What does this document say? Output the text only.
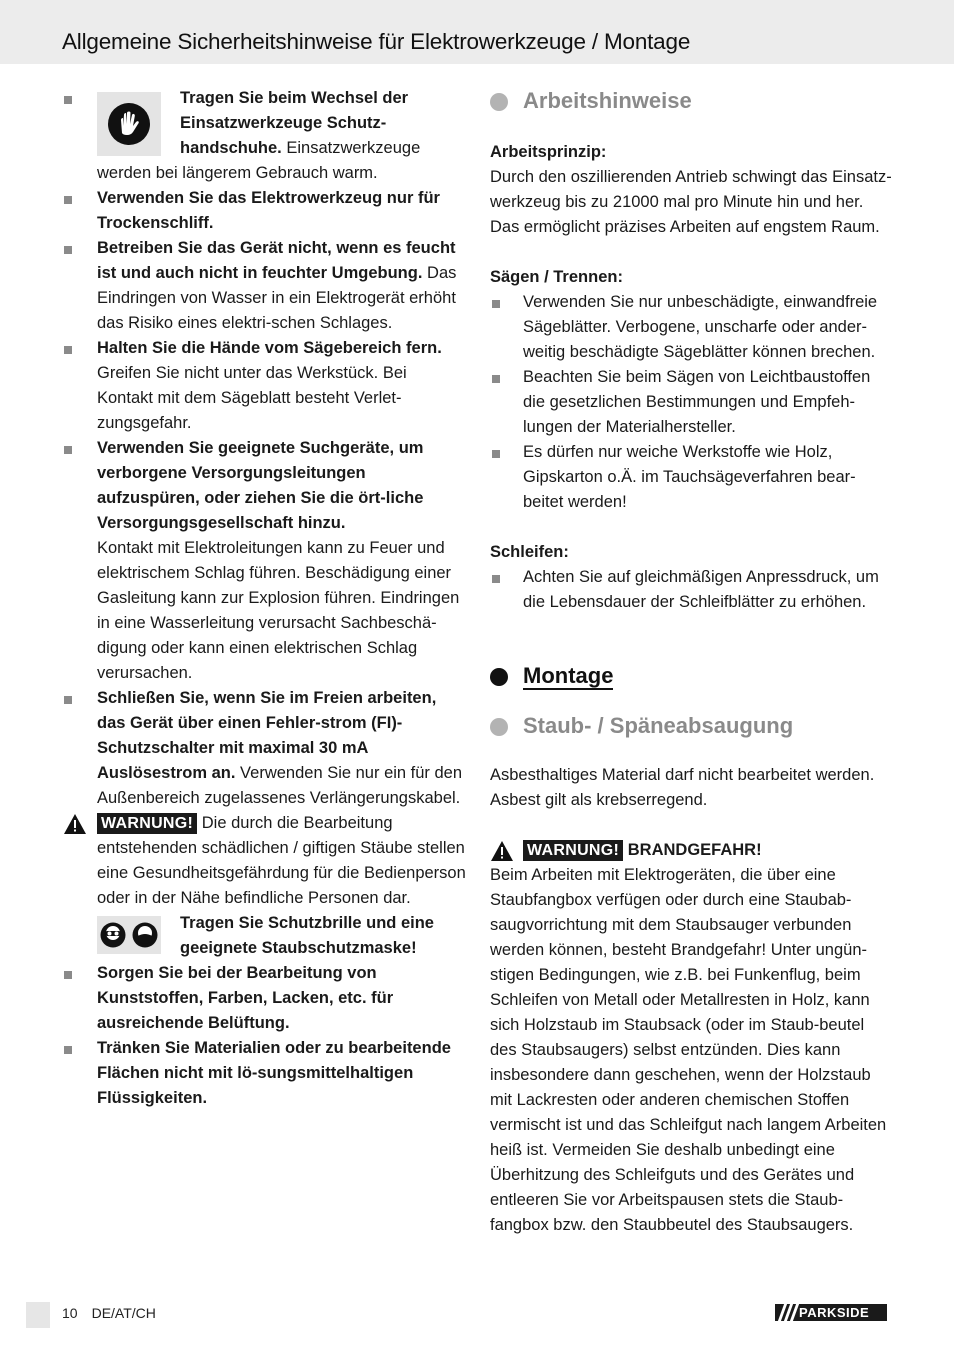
Allgemeine Sicherheitshinweise für Elektrowerkzeuge / Montage
Tragen Sie beim Wechsel der
Einsatzwerkzeuge Schutz-
handschuhe. Einsatzwerkzeuge
werden bei längerem Gebrauch warm.
Verwenden Sie das Elektrowerkzeug nur für Trockenschliff.
Betreiben Sie das Gerät nicht, wenn es feucht ist und auch nicht in feuchter Umgebung. Das Eindringen von Wasser in ein Elektrogerät erhöht das Risiko eines elektri-schen Schlages.
Halten Sie die Hände vom Sägebereich fern. Greifen Sie nicht unter das Werkstück. Bei Kontakt mit dem Sägeblatt besteht Verlet-zungsgefahr.
Verwenden Sie geeignete Suchgeräte, um verborgene Versorgungsleitungen aufzuspüren, oder ziehen Sie die ört-liche Versorgungsgesellschaft hinzu.
Kontakt mit Elektroleitungen kann zu Feuer und elektrischem Schlag führen. Beschädigung einer Gasleitung kann zur Explosion führen. Eindringen in eine Wasserleitung verursacht Sachbeschä-digung oder kann einen elektrischen Schlag verursachen.
Schließen Sie, wenn Sie im Freien arbeiten, das Gerät über einen Fehler-strom (FI)-Schutzschalter mit maximal 30 mA Auslösestrom an. Verwenden Sie nur ein für den Außenbereich zugelassenes Verlängerungskabel.
WARNUNG! Die durch die Bearbeitung entstehenden schädlichen / giftigen Stäube stellen eine Gesundheitsgefährdung für die Bedienperson oder in der Nähe befindliche Personen dar.
Tragen Sie Schutzbrille und eine geeignete Staubschutzmaske!
Sorgen Sie bei der Bearbeitung von Kunststoffen, Farben, Lacken, etc. für ausreichende Belüftung.
Tränken Sie Materialien oder zu bearbeitende Flächen nicht mit lö-sungsmittelhaltigen Flüssigkeiten.
Arbeitshinweise
Arbeitsprinzip:
Durch den oszillierenden Antrieb schwingt das Einsatz-werkzeug bis zu 21000 mal pro Minute hin und her. Das ermöglicht präzises Arbeiten auf engstem Raum.
Sägen / Trennen:
Verwenden Sie nur unbeschädigte, einwandfreie Sägeblätter. Verbogene, unscharfe oder ander-weitig beschädigte Sägeblätter können brechen.
Beachten Sie beim Sägen von Leichtbaustoffen die gesetzlichen Bestimmungen und Empfeh-lungen der Materialhersteller.
Es dürfen nur weiche Werkstoffe wie Holz, Gipskarton o.Ä. im Tauchsägeverfahren bear-beitet werden!
Schleifen:
Achten Sie auf gleichmäßigen Anpressdruck, um die Lebensdauer der Schleifblätter zu erhöhen.
Montage
Staub- / Späneabsaugung
Asbesthaltiges Material darf nicht bearbeitet werden. Asbest gilt als krebserregend.
WARNUNG! BRANDGEFAHR!
Beim Arbeiten mit Elektrogeräten, die über eine Staubfangbox verfügen oder durch eine Staubab-saugvorrichtung mit dem Staubsauger verbunden werden können, besteht Brandgefahr! Unter ungün-stigen Bedingungen, wie z.B. bei Funkenflug, beim Schleifen von Metall oder Metallresten in Holz, kann sich Holzstaub im Staubsack (oder im Staub-beutel des Staubsaugers) selbst entzünden. Dies kann insbesondere dann geschehen, wenn der Holzstaub mit Lackresten oder anderen chemischen Stoffen vermischt ist und das Schleifgut nach langem Arbeiten heiß ist. Vermeiden Sie deshalb unbedingt eine Überhitzung des Schleifguts und des Gerätes und entleeren Sie vor Arbeitspausen stets die Staub-fangbox bzw. den Staubbeutel des Staubsaugers.
10 DE/AT/CH	PARKSIDE
